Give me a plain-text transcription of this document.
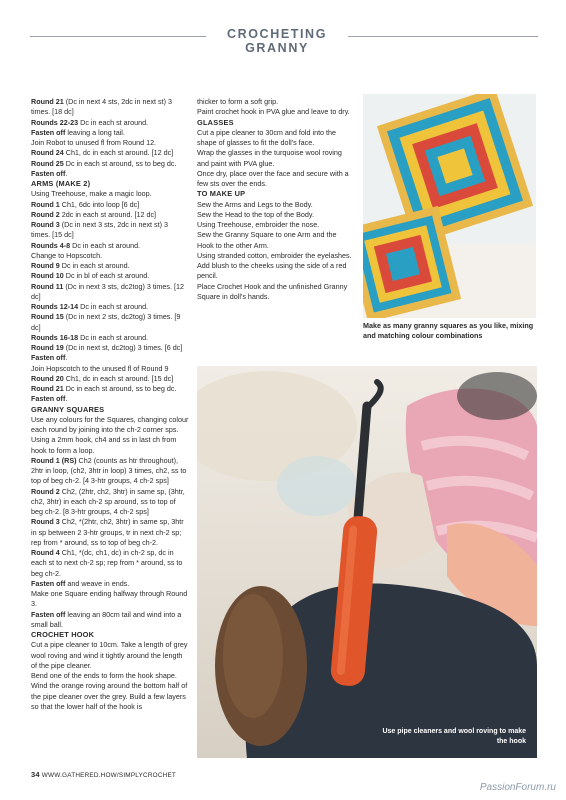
CROCHETING GRANNY

Round 21 (Dc in next 4 sts, 2dc in next st) 3 times. [18 dc]

Rounds 22-23 Dc in each st around.

Fasten off leaving a long tail.

Join Robot to unused fl from Round 12.

Round 24 Ch1, dc in each st around. [12 dc]

Round 25 Dc in each st around, ss to beg dc.

Fasten off.

ARMS (MAKE 2)

Using Treehouse, make a magic loop.

Round 1 Ch1, 6dc into loop [6 dc]

Round 2 2dc in each st around. [12 dc]

Round 3 (Dc in next 3 sts, 2dc in next st) 3 times. [15 dc]

Rounds 4-8 Dc in each st around.

Change to Hopscotch.

Round 9 Dc in each st around.

Round 10 Dc in bl of each st around.

Round 11 (Dc in next 3 sts, dc2tog) 3 times. [12 dc]

Rounds 12-14 Dc in each st around.

Round 15 (Dc in next 2 sts, dc2tog) 3 times. [9 dc]

Rounds 16-18 Dc in each st around.

Round 19 (Dc in next st, dc2tog) 3 times. [6 dc]

Fasten off.

Join Hopscotch to the unused fl of Round 9

Round 20 Ch1, dc in each st around. [15 dc]

Round 21 Dc in each st around, ss to beg dc.

Fasten off.

GRANNY SQUARES

Use any colours for the Squares, changing colour each round by joining into the ch-2 corner sps.

Using a 2mm hook, ch4 and ss in last ch from hook to form a loop.

Round 1 (RS) Ch2 (counts as htr throughout), 2htr in loop, (ch2, 3htr in loop) 3 times, ch2, ss to top of beg ch-2. [4 3-htr groups, 4 ch-2 sps]

Round 2 Ch2, (2htr, ch2, 3htr) in same sp, (3htr, ch2, 3htr) in each ch-2 sp around, ss to top of beg ch-2. [8 3-htr groups, 4 ch-2 sps]

Round 3 Ch2, *(2htr, ch2, 3htr) in same sp, 3htr in sp between 2 3-htr groups, tr in next ch-2 sp; rep from * around, ss to top of beg ch-2.

Round 4 Ch1, *(dc, ch1, dc) in ch-2 sp, dc in each st to next ch-2 sp; rep from * around, ss to beg ch-2.

Fasten off and weave in ends.

Make one Square ending halfway through Round 3.

Fasten off leaving an 80cm tail and wind into a small ball.

CROCHET HOOK

Cut a pipe cleaner to 10cm. Take a length of grey wool roving and wind it tightly around the length of the pipe cleaner.

Bend one of the ends to form the hook shape.

Wind the orange roving around the bottom half of the pipe cleaner over the grey. Build a few layers so that the lower half of the hook is

thicker to form a soft grip.

Paint crochet hook in PVA glue and leave to dry.

GLASSES

Cut a pipe cleaner to 30cm and fold into the shape of glasses to fit the doll's face.

Wrap the glasses in the turquoise wool roving and paint with PVA glue.

Once dry, place over the face and secure with a few sts over the ends.

TO MAKE UP

Sew the Arms and Legs to the Body.

Sew the Head to the top of the Body.

Using Treehouse, embroider the nose.

Sew the Granny Square to one Arm and the Hook to the other Arm.

Using stranded cotton, embroider the eyelashes.

Add blush to the cheeks using the side of a red pencil.

Place Crochet Hook and the unfinished Granny Square in doll's hands.

Make as many granny squares as you like, mixing and matching colour combinations
Use pipe cleaners and wool roving to make the hook
34 WWW.GATHERED.HOW/SIMPLYCROCHET
PassionForum.ru
